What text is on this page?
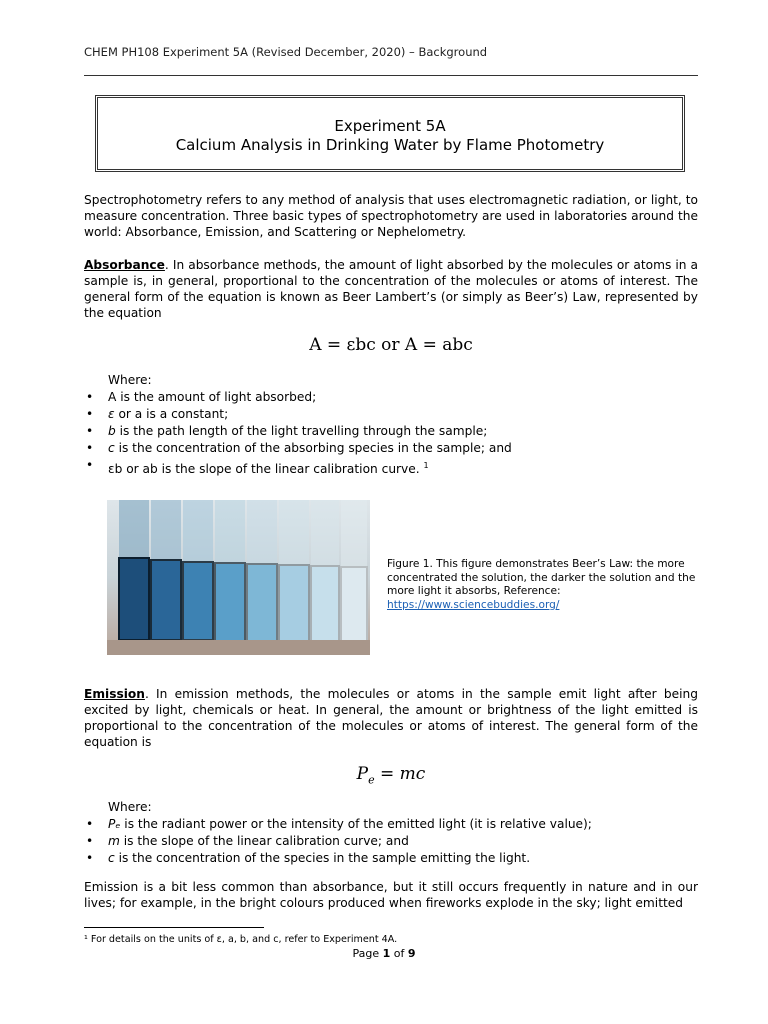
CHEM PH108 Experiment 5A (Revised December, 2020) – Background
Experiment 5A
Calcium Analysis in Drinking Water by Flame Photometry

Spectrophotometry refers to any method of analysis that uses electromagnetic radiation, or light, to measure concentration. Three basic types of spectrophotometry are used in laboratories around the world: Absorbance, Emission, and Scattering or Nephelometry.

Absorbance. In absorbance methods, the amount of light absorbed by the molecules or atoms in a sample is, in general, proportional to the concentration of the molecules or atoms of interest. The general form of the equation is known as Beer Lambert’s (or simply as Beer’s) Law, represented by the equation

A = εbc or A = abc
Where:
• A is the amount of light absorbed;
• ε or a is a constant;
• b is the path length of the light travelling through the sample;
• c is the concentration of the absorbing species in the sample; and
• εb or ab is the slope of the linear calibration curve. $^1$
Figure 1. This figure demonstrates Beer’s Law: the more concentrated the solution, the darker the solution and the more light it absorbs, Reference:
https://www.sciencebuddies.org/

Emission. In emission methods, the molecules or atoms in the sample emit light after being excited by light, chemicals or heat. In general, the amount or brightness of the light emitted is proportional to the concentration of the molecules or atoms of interest. The general form of the equation is

$P_e$ = mc
Where:
• Pₑ is the radiant power or the intensity of the emitted light (it is relative value);
• m is the slope of the linear calibration curve; and
• c is the concentration of the species in the sample emitting the light.

Emission is a bit less common than absorbance, but it still occurs frequently in nature and in our lives; for example, in the bright colours produced when fireworks explode in the sky; light emitted

¹ For details on the units of ε, a, b, and c, refer to Experiment 4A.
Page 1 of 9
